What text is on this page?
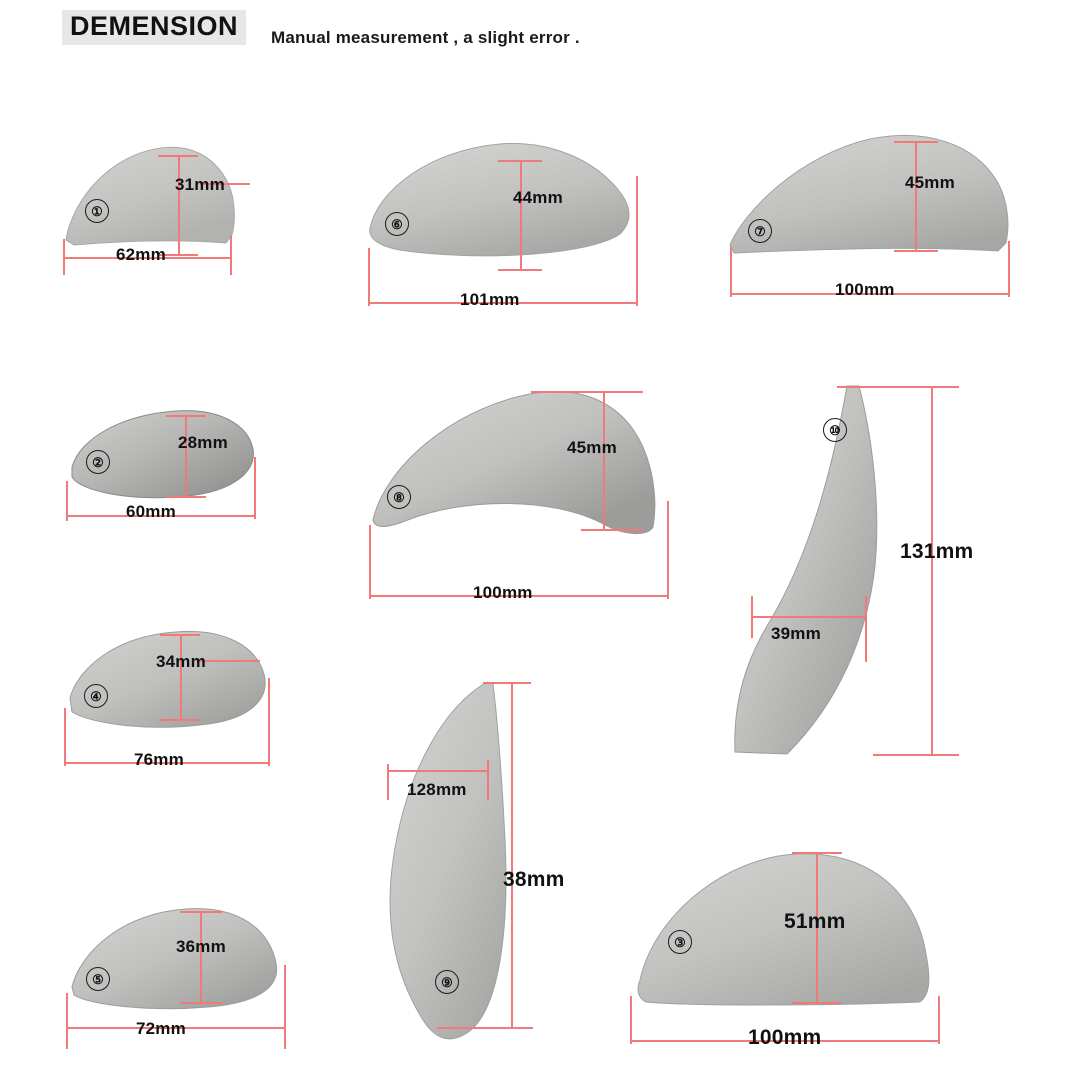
DEMENSION	Manual measurement , a slight error .
①
31mm
62mm
⑥
44mm
101mm
⑦
45mm
100mm
②
28mm
60mm
⑧
45mm
100mm
⑩
131mm
39mm
④
34mm
76mm
⑨
128mm
38mm
⑤
36mm
72mm
③
51mm
100mm
